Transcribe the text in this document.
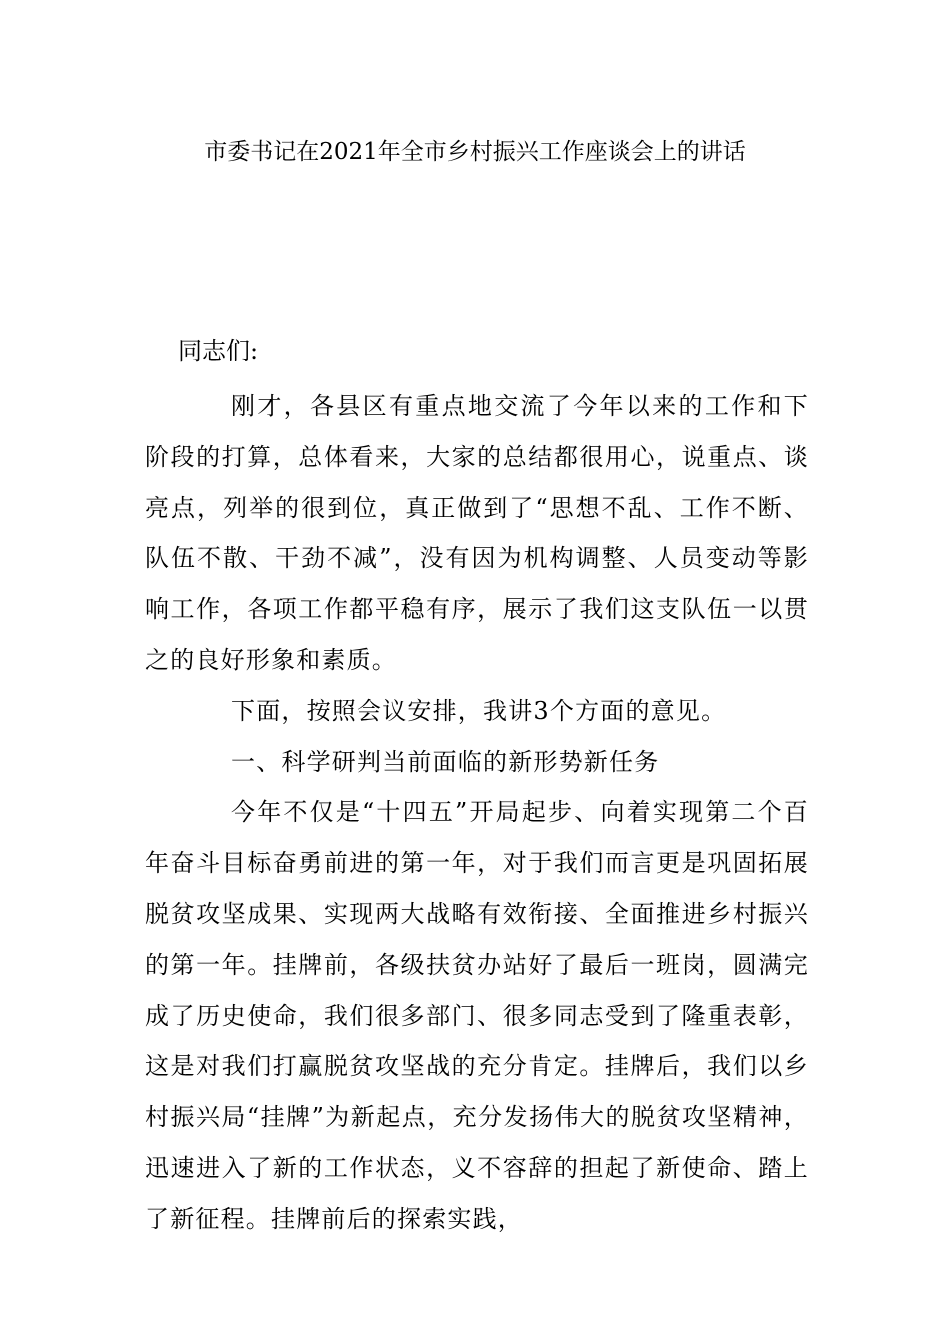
市委书记在2021年全市乡村振兴工作座谈会上的讲话

同志们:

刚才，各县区有重点地交流了今年以来的工作和下阶段的打算，总体看来，大家的总结都很用心，说重点、谈亮点，列举的很到位，真正做到了“思想不乱、工作不断、队伍不散、干劲不减”，没有因为机构调整、人员变动等影响工作，各项工作都平稳有序，展示了我们这支队伍一以贯之的良好形象和素质。

下面，按照会议安排，我讲3个方面的意见。

一、科学研判当前面临的新形势新任务

今年不仅是“十四五”开局起步、向着实现第二个百年奋斗目标奋勇前进的第一年，对于我们而言更是巩固拓展脱贫攻坚成果、实现两大战略有效衔接、全面推进乡村振兴的第一年。挂牌前，各级扶贫办站好了最后一班岗，圆满完成了历史使命，我们很多部门、很多同志受到了隆重表彰，这是对我们打赢脱贫攻坚战的充分肯定。挂牌后，我们以乡村振兴局“挂牌”为新起点，充分发扬伟大的脱贫攻坚精神，迅速进入了新的工作状态，义不容辞的担起了新使命、踏上了新征程。挂牌前后的探索实践，
